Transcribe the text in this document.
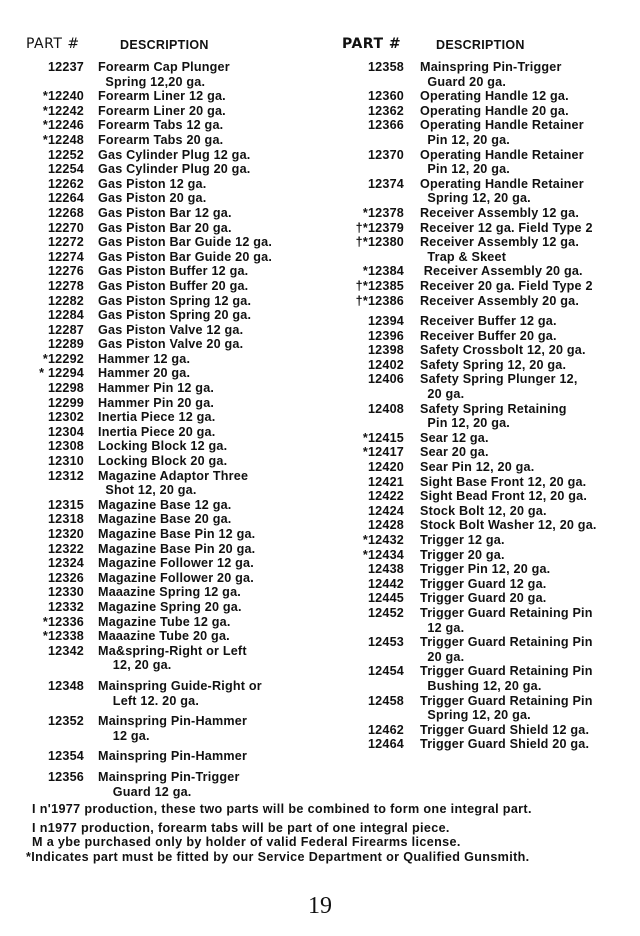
PART #	DESCRIPTION
12237	Forearm Cap Plunger
Spring 12,20 ga.
*12240	Forearm Liner 12 ga.
*12242	Forearm Liner 20 ga.
*12246	Forearm Tabs 12 ga.
*12248	Forearm Tabs 20 ga.
12252	Gas Cylinder Plug 12 ga.
12254	Gas Cylinder Plug 20 ga.
12262	Gas Piston 12 ga.
12264	Gas Piston 20 ga.
12268	Gas Piston Bar 12 ga.
12270	Gas Piston Bar 20 ga.
12272	Gas Piston Bar Guide 12 ga.
12274	Gas Piston Bar Guide 20 ga.
12276	Gas Piston Buffer 12 ga.
12278	Gas Piston Buffer 20 ga.
12282	Gas Piston Spring 12 ga.
12284	Gas Piston Spring 20 ga.
12287	Gas Piston Valve 12 ga.
12289	Gas Piston Valve 20 ga.
*12292	Hammer 12 ga.
* 12294	Hammer 20 ga.
12298	Hammer Pin 12 ga.
12299	Hammer Pin 20 ga.
12302	Inertia Piece 12 ga.
12304	Inertia Piece 20 ga.
12308	Locking Block 12 ga.
12310	Locking Block 20 ga.
12312	Magazine Adaptor Three
Shot 12, 20 ga.
12315	Magazine Base 12 ga.
12318	Magazine Base 20 ga.
12320	Magazine Base Pin 12 ga.
12322	Magazine Base Pin 20 ga.
12324	Magazine Follower 12 ga.
12326	Magazine Follower 20 ga.
12330	Maaazine Spring 12 ga.
12332	Magazine Spring 20 ga.
*12336	Magazine Tube 12 ga.
*12338	Maaazine Tube 20 ga.
12342	Ma&spring-Right or Left
12, 20 ga.
12348	Mainspring Guide-Right or
Left 12. 20 ga.
12352	Mainspring Pin-Hammer
12 ga.
12354	Mainspring Pin-Hammer
12356	Mainspring Pin-Trigger
Guard 12 ga.
PART #	DESCRIPTION
12358	Mainspring Pin-Trigger
Guard 20 ga.
12360	Operating Handle 12 ga.
12362	Operating Handle 20 ga.
12366	Operating Handle Retainer
Pin 12, 20 ga.
12370	Operating Handle Retainer
Pin 12, 20 ga.
12374	Operating Handle Retainer
Spring 12, 20 ga.
*12378	Receiver Assembly 12 ga.
†*12379	Receiver 12 ga. Field Type 2
†*12380	Receiver Assembly 12 ga.
Trap & Skeet
*12384	Receiver Assembly 20 ga.
†*12385	Receiver 20 ga. Field Type 2
†*12386	Receiver Assembly 20 ga.
12394	Receiver Buffer 12 ga.
12396	Receiver Buffer 20 ga.
12398	Safety Crossbolt 12, 20 ga.
12402	Safety Spring 12, 20 ga.
12406	Safety Spring Plunger 12,
20 ga.
12408	Safety Spring Retaining
Pin 12, 20 ga.
*12415	Sear 12 ga.
*12417	Sear 20 ga.
12420	Sear Pin 12, 20 ga.
12421	Sight Base Front 12, 20 ga.
12422	Sight Bead Front 12, 20 ga.
12424	Stock Bolt 12, 20 ga.
12428	Stock Bolt Washer 12, 20 ga.
*12432	Trigger 12 ga.
*12434	Trigger 20 ga.
12438	Trigger Pin 12, 20 ga.
12442	Trigger Guard 12 ga.
12445	Trigger Guard 20 ga.
12452	Trigger Guard Retaining Pin
12 ga.
12453	Trigger Guard Retaining Pin
20 ga.
12454	Trigger Guard Retaining Pin
Bushing 12, 20 ga.
12458	Trigger Guard Retaining Pin
Spring 12, 20 ga.
12462	Trigger Guard Shield 12 ga.
12464	Trigger Guard Shield 20 ga.
I n'1977 production, these two parts will be combined to form one integral part.
I n1977 production, forearm tabs will be part of one integral piece.
M a ybe purchased only by holder of valid Federal Firearms license.
*Indicates part must be fitted by our Service Department or Qualified Gunsmith.
19
